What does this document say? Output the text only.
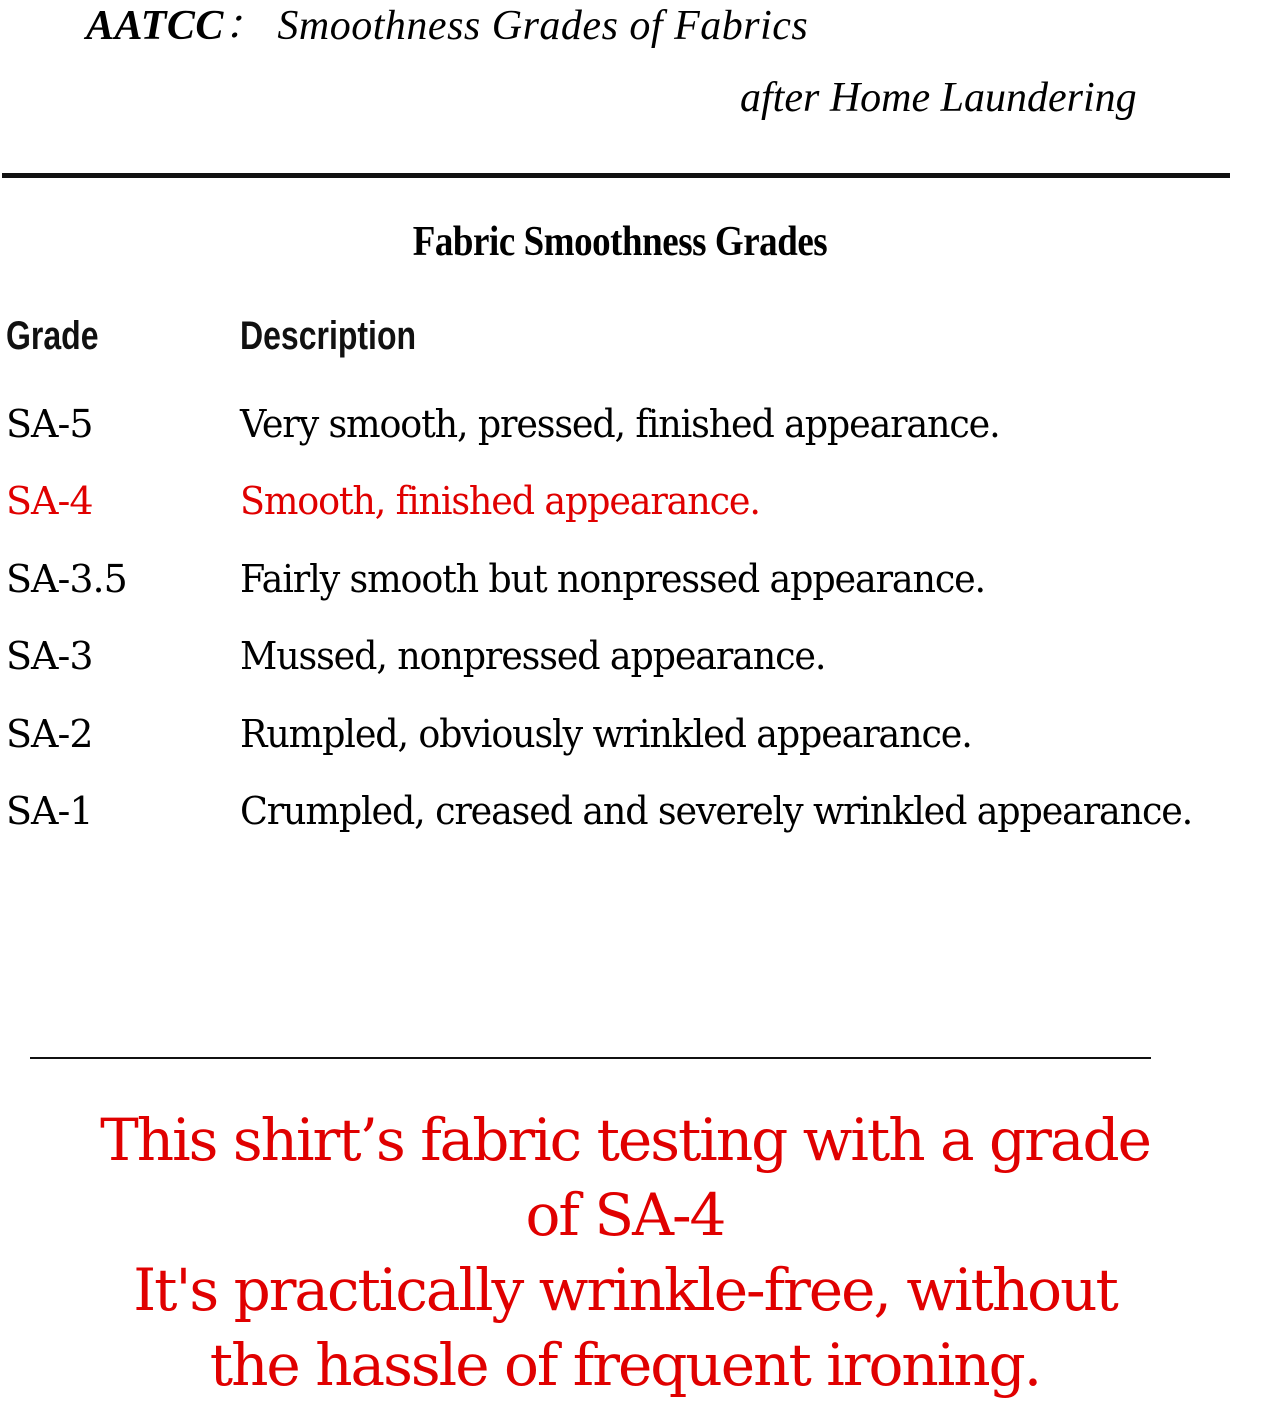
AATCC： Smoothness Grades of Fabrics
after Home Laundering
Fabric Smoothness Grades
Grade	Description
SA-5	Very smooth, pressed, finished appearance.
SA-4	Smooth, finished appearance.
SA-3.5	Fairly smooth but nonpressed appearance.
SA-3	Mussed, nonpressed appearance.
SA-2	Rumpled, obviously wrinkled appearance.
SA-1	Crumpled, creased and severely wrinkled appearance.
This shirt’s fabric testing with a grade
of SA-4
It's practically wrinkle-free, without
the hassle of frequent ironing.
